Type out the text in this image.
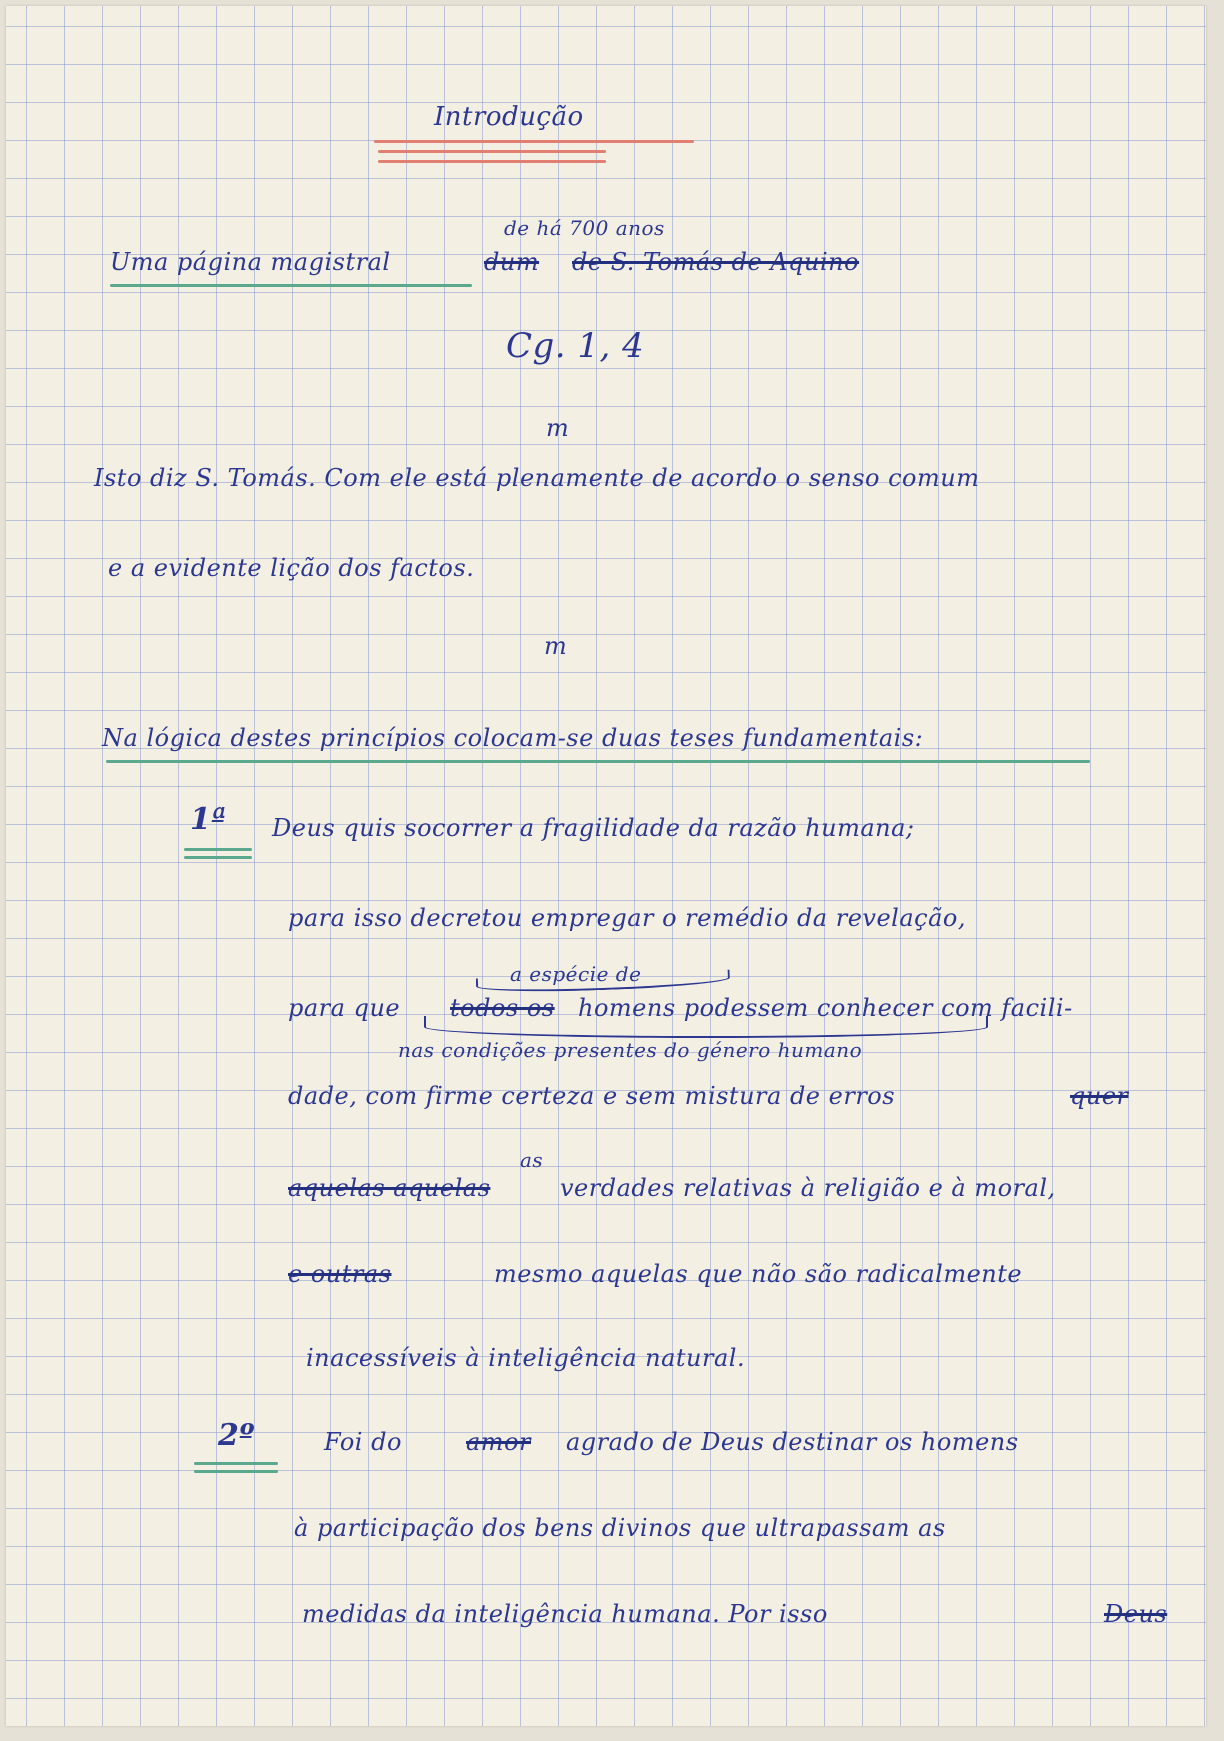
Introdução
de há 700 anos
Uma página magistral	dum de S. Tomás de Aquino
Cg. 1, 4
m
Isto diz S. Tomás. Com ele está plenamente de acordo o senso comum
e a evidente lição dos factos.
m
Na lógica destes princípios colocam-se duas teses fundamentais:
1ª Deus quis socorrer a fragilidade da razão humana;
para isso decretou empregar o remédio da revelação,
a espécie de
para que todos os homens podessem conhecer com facili-
nas condições presentes do género humano
dade, com firme certeza e sem mistura de erros	quer
as
aquelas aquelas	verdades relativas à religião e à moral,
e outras	mesmo aquelas que não são radicalmente
inacessíveis à inteligência natural.
2º	Foi do	amor agrado de Deus destinar os homens
à participação dos bens divinos que ultrapassam as
medidas da inteligência humana. Por isso	Deus
